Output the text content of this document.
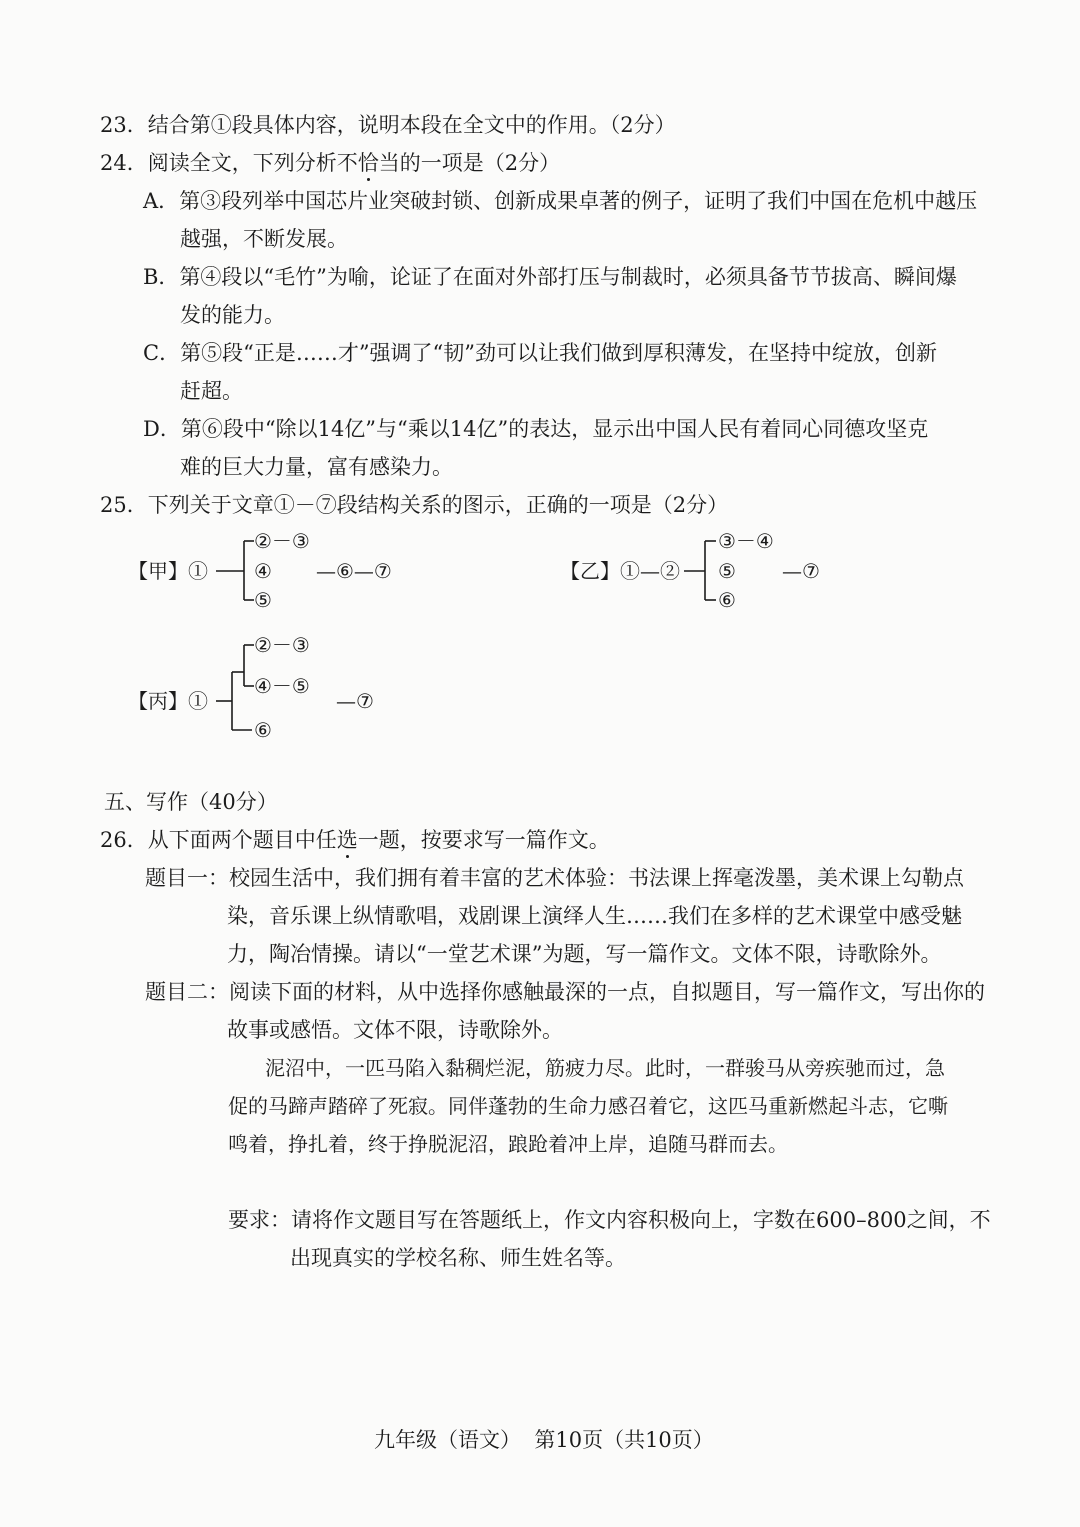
23．结合第①段具体内容，说明本段在全文中的作用。（2分）
24．阅读全文，下列分析不恰当的一项是（2分）
A．第③段列举中国芯片业突破封锁、创新成果卓著的例子，证明了我们中国在危机中越压
越强，不断发展。
B．第④段以“毛竹”为喻，论证了在面对外部打压与制裁时，必须具备节节拔高、瞬间爆
发的能力。
C．第⑤段“正是……才”强调了“韧”劲可以让我们做到厚积薄发，在坚持中绽放，创新
赶超。
D．第⑥段中“除以14亿”与“乘以14亿”的表达，显示出中国人民有着同心同德攻坚克
难的巨大力量，富有感染力。
25．下列关于文章①－⑦段结构关系的图示，正确的一项是（2分）
【甲】①
②－③
④
⑤
—⑥—⑦	【乙】①—②
③－④
⑤
⑥
—⑦
【丙】①
②－③
④－⑤
⑥
—⑦
五、写作（40分）
26．从下面两个题目中任选一题，按要求写一篇作文。
题目一：校园生活中，我们拥有着丰富的艺术体验：书法课上挥毫泼墨，美术课上勾勒点
染，音乐课上纵情歌唱，戏剧课上演绎人生……我们在多样的艺术课堂中感受魅
力，陶冶情操。请以“一堂艺术课”为题，写一篇作文。文体不限，诗歌除外。
题目二：阅读下面的材料，从中选择你感触最深的一点，自拟题目，写一篇作文，写出你的
故事或感悟。文体不限，诗歌除外。
泥沼中，一匹马陷入黏稠烂泥，筋疲力尽。此时，一群骏马从旁疾驰而过，急
促的马蹄声踏碎了死寂。同伴蓬勃的生命力感召着它，这匹马重新燃起斗志，它嘶
鸣着，挣扎着，终于挣脱泥沼，踉跄着冲上岸，追随马群而去。
要求：请将作文题目写在答题纸上，作文内容积极向上，字数在600–800之间，不
出现真实的学校名称、师生姓名等。
九年级（语文）  第10页（共10页）
